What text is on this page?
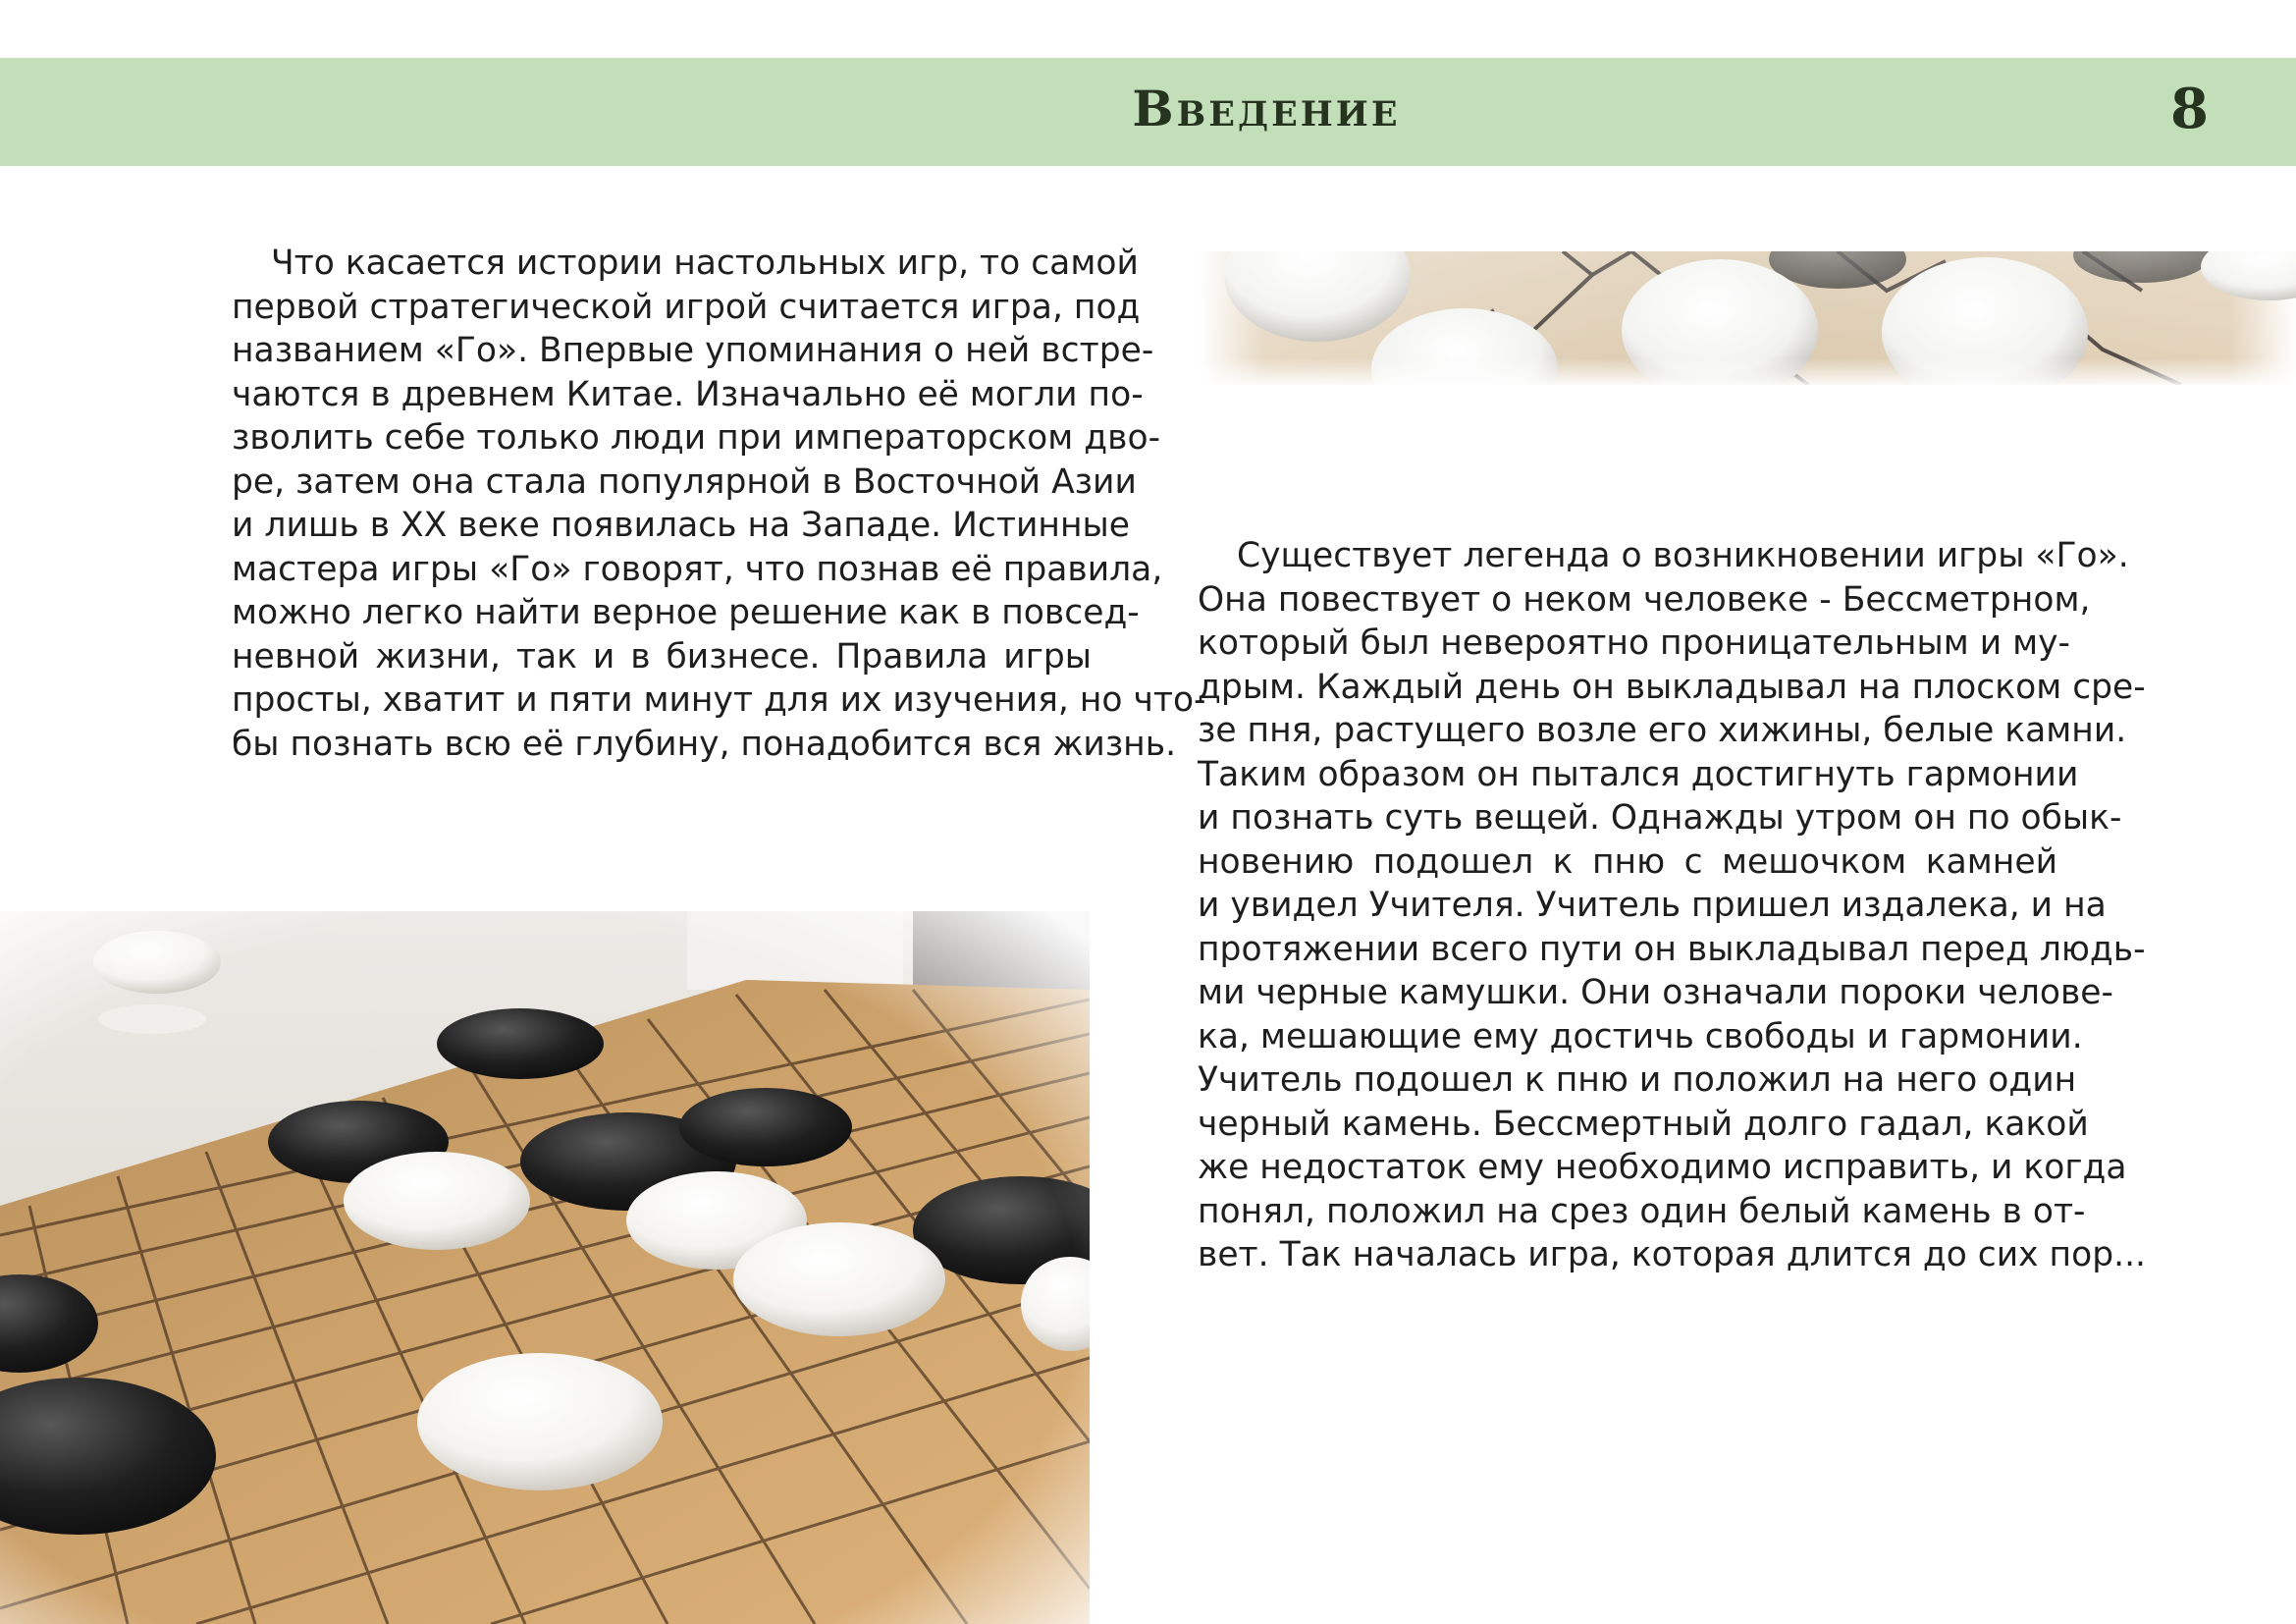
Введение	8
Что касается истории настольных игр, то самой
первой стратегической игрой считается игра, под
названием «Го». Впервые упоминания о ней встре-
чаются в древнем Китае. Изначально её могли по-
зволить себе только люди при императорском дво-
ре, затем она стала популярной в Восточной Азии
и лишь в XX веке появилась на Западе. Истинные
мастера игры «Го» говорят, что познав её правила,
можно легко найти верное решение как в повсед-
невной жизни, так и в бизнесе. Правила игры
просты, хватит и пяти минут для их изучения, но что-
бы познать всю её глубину, понадобится вся жизнь.
Существует легенда о возникновении игры «Го».
Она повествует о неком человеке - Бессметрном,
который был невероятно проницательным и му-
дрым. Каждый день он выкладывал на плоском сре-
зе пня, растущего возле его хижины, белые камни.
Таким образом он пытался достигнуть гармонии
и познать суть вещей. Однажды утром он по обык-
новению подошел к пню с мешочком камней
и увидел Учителя. Учитель пришел издалека, и на
протяжении всего пути он выкладывал перед людь-
ми черные камушки. Они означали пороки челове-
ка, мешающие ему достичь свободы и гармонии.
Учитель подошел к пню и положил на него один
черный камень. Бессмертный долго гадал, какой
же недостаток ему необходимо исправить, и когда
понял, положил на срез один белый камень в от-
вет. Так началась игра, которая длится до сих пор...
